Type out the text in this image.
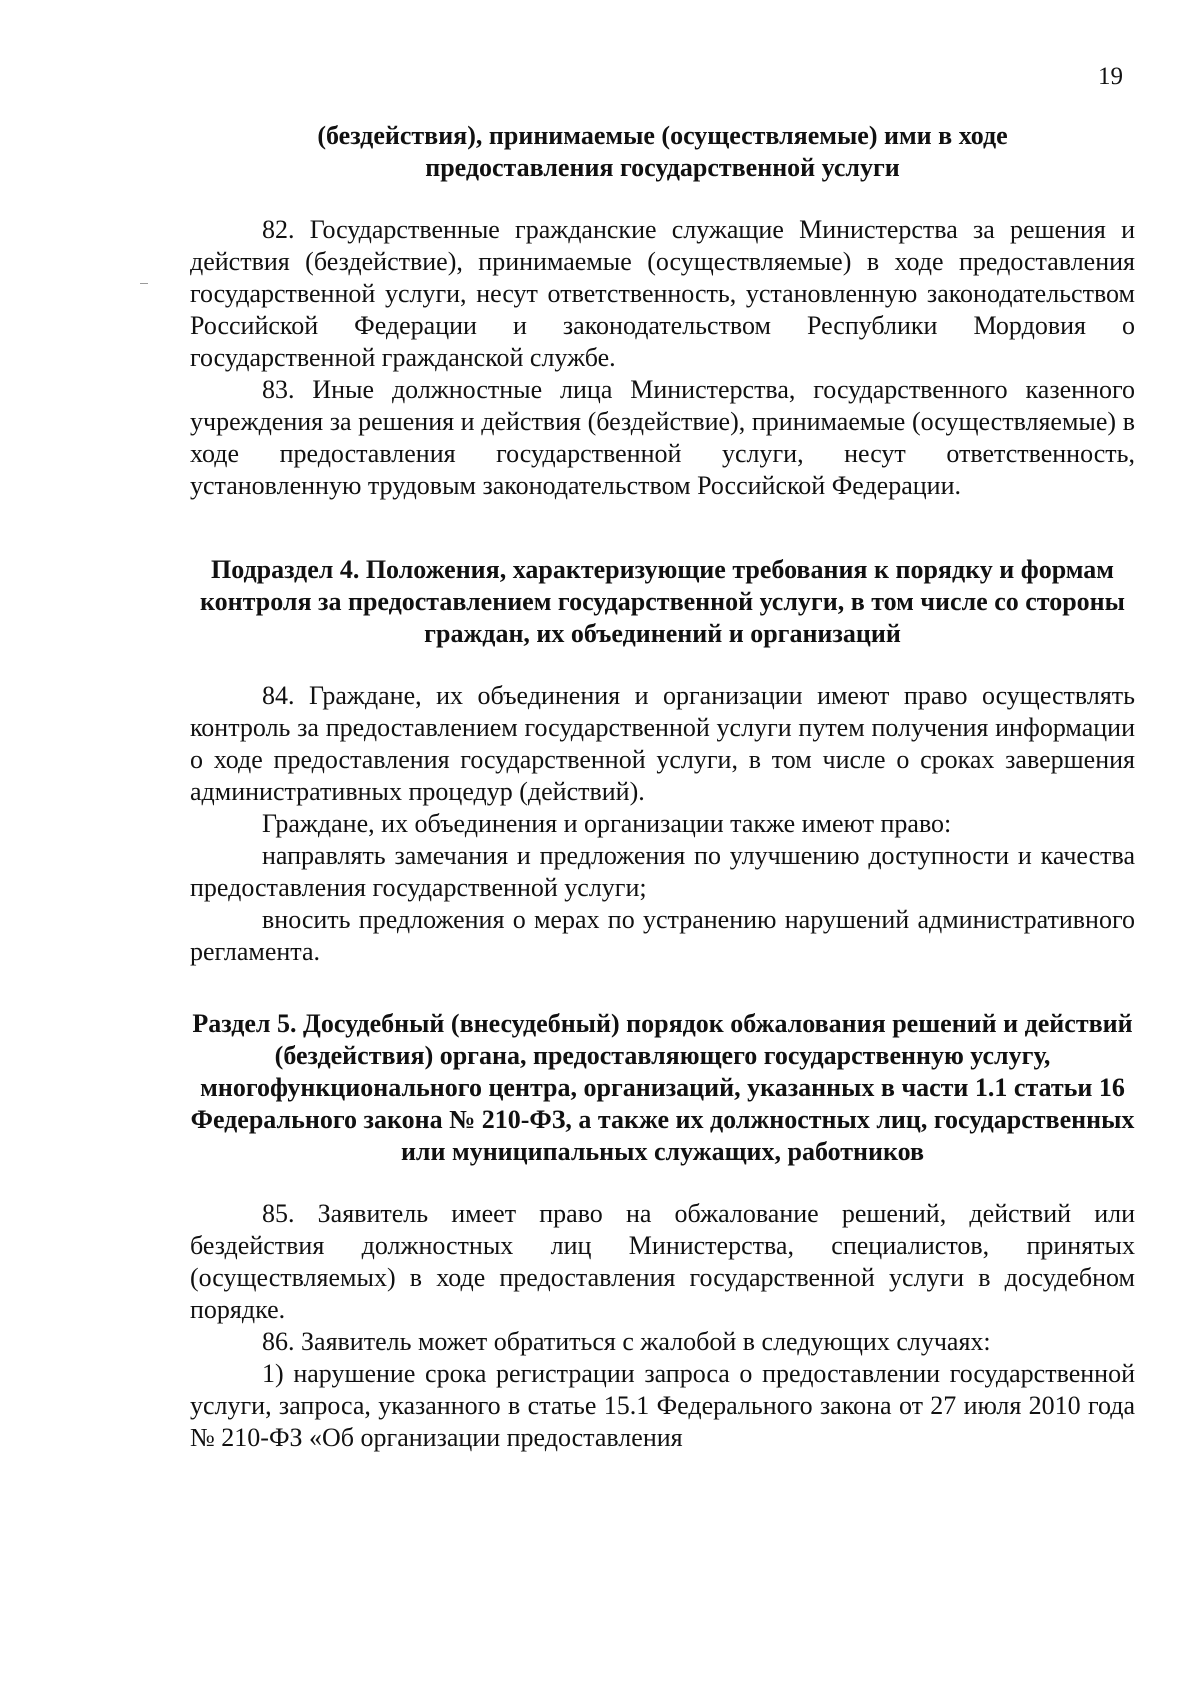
19

(бездействия), принимаемые (осуществляемые) ими в ходе предоставления государственной услуги

82. Государственные гражданские служащие Министерства за решения и действия (бездействие), принимаемые (осуществляемые) в ходе предоставления государственной услуги, несут ответственность, установленную законодательством Российской Федерации и законодательством Республики Мордовия о государственной гражданской службе.

83. Иные должностные лица Министерства, государственного казенного учреждения за решения и действия (бездействие), принимаемые (осуществляемые) в ходе предоставления государственной услуги, несут ответственность, установленную трудовым законодательством Российской Федерации.

Подраздел 4. Положения, характеризующие требования к порядку и формам контроля за предоставлением государственной услуги, в том числе со стороны граждан, их объединений и организаций

84. Граждане, их объединения и организации имеют право осуществлять контроль за предоставлением государственной услуги путем получения информации о ходе предоставления государственной услуги, в том числе о сроках завершения административных процедур (действий).

Граждане, их объединения и организации также имеют право:

направлять замечания и предложения по улучшению доступности и качества предоставления государственной услуги;

вносить предложения о мерах по устранению нарушений административного регламента.

Раздел 5. Досудебный (внесудебный) порядок обжалования решений и действий (бездействия) органа, предоставляющего государственную услугу, многофункционального центра, организаций, указанных в части 1.1 статьи 16 Федерального закона № 210-ФЗ, а также их должностных лиц, государственных или муниципальных служащих, работников

85. Заявитель имеет право на обжалование решений, действий или бездействия должностных лиц Министерства, специалистов, принятых (осуществляемых) в ходе предоставления государственной услуги в досудебном порядке.

86. Заявитель может обратиться с жалобой в следующих случаях:

1) нарушение срока регистрации запроса о предоставлении государственной услуги, запроса, указанного в статье 15.1 Федерального закона от 27 июля 2010 года № 210-ФЗ «Об организации предоставления
